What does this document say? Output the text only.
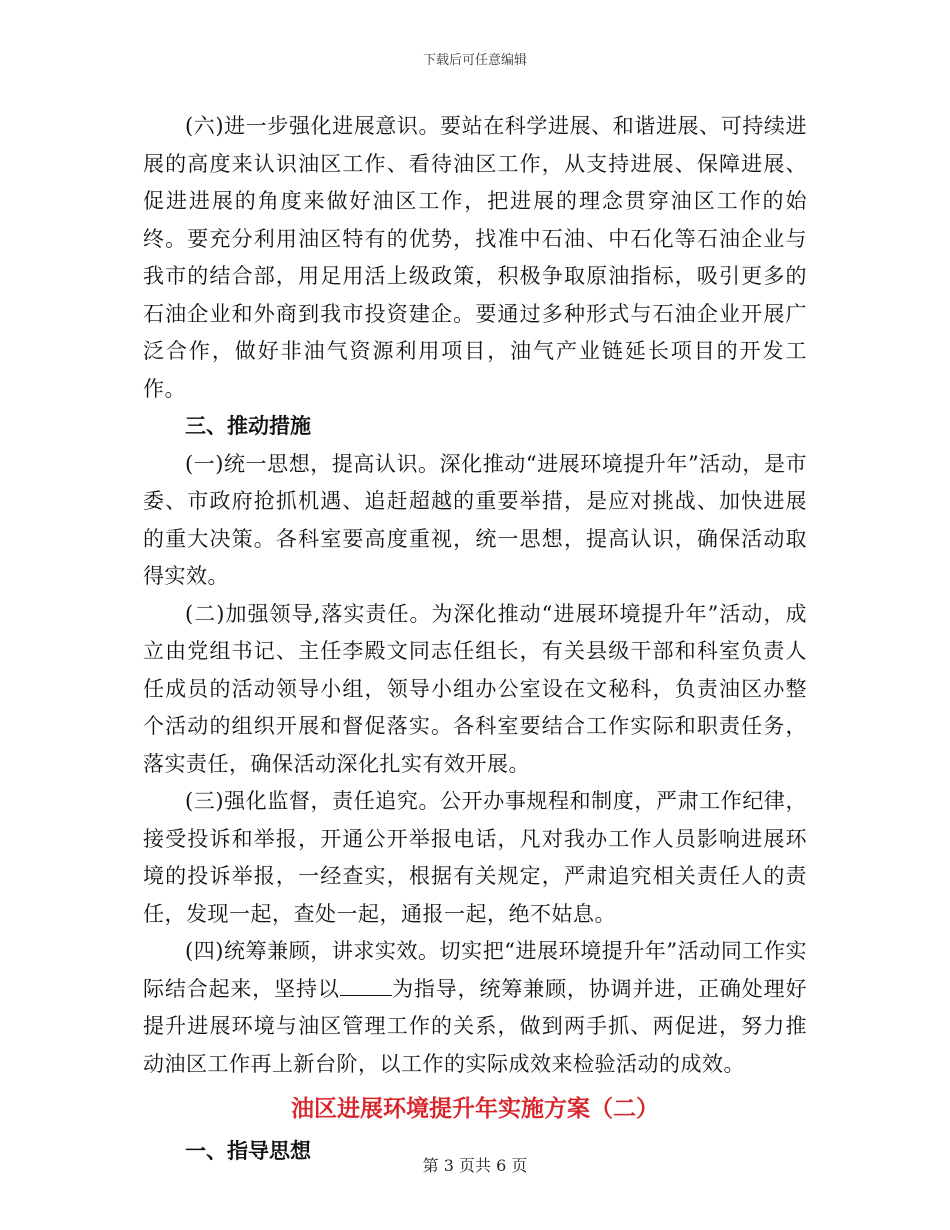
下载后可任意编辑

(六)进一步强化进展意识。要站在科学进展、和谐进展、可持续进展的高度来认识油区工作、看待油区工作，从支持进展、保障进展、促进进展的角度来做好油区工作，把进展的理念贯穿油区工作的始终。要充分利用油区特有的优势，找准中石油、中石化等石油企业与我市的结合部，用足用活上级政策，积极争取原油指标，吸引更多的石油企业和外商到我市投资建企。要通过多种形式与石油企业开展广泛合作，做好非油气资源利用项目，油气产业链延长项目的开发工作。

三、推动措施

(一)统一思想，提高认识。深化推动“进展环境提升年”活动，是市委、市政府抢抓机遇、追赶超越的重要举措，是应对挑战、加快进展的重大决策。各科室要高度重视，统一思想，提高认识，确保活动取得实效。

(二)加强领导,落实责任。为深化推动“进展环境提升年”活动，成立由党组书记、主任李殿文同志任组长，有关县级干部和科室负责人任成员的活动领导小组，领导小组办公室设在文秘科，负责油区办整个活动的组织开展和督促落实。各科室要结合工作实际和职责任务，落实责任，确保活动深化扎实有效开展。

(三)强化监督，责任追究。公开办事规程和制度，严肃工作纪律，接受投诉和举报，开通公开举报电话，凡对我办工作人员影响进展环境的投诉举报，一经查实，根据有关规定，严肃追究相关责任人的责任，发现一起，查处一起，通报一起，绝不姑息。

(四)统筹兼顾，讲求实效。切实把“进展环境提升年”活动同工作实际结合起来，坚持以 为指导，统筹兼顾，协调并进，正确处理好提升进展环境与油区管理工作的关系，做到两手抓、两促进，努力推动油区工作再上新台阶，以工作的实际成效来检验活动的成效。

油区进展环境提升年实施方案（二）

一、指导思想

第 3 页共 6 页
